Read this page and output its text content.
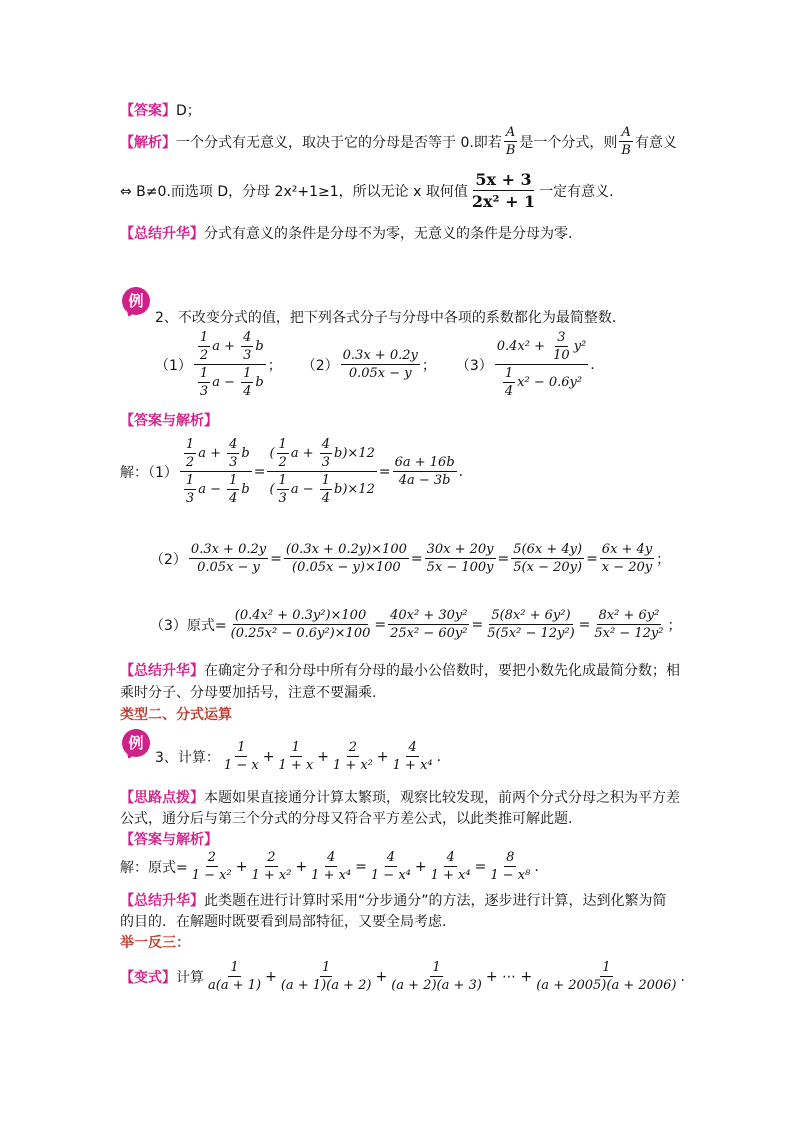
【答案】D；
【解析】 一个分式有无意义，取决于它的分母是否等于 0.即若 $\frac{A}{B}$ 是一个分式，则 $\frac{A}{B}$ 有意义
⇔ B≠0.而选项 D，分母 2x²+1≥1，所以无论 x 取何值 $\frac{5x + 3}{\text{2x² + 1}}$ 一定有意义.
【总结升华】分式有意义的条件是分母不为零，无意义的条件是分母为零.
例
2、不改变分式的值，把下列各式分子与分母中各项的系数都化为最简整数.
$(1) \frac{\frac{1}{2} a + \frac{4}{3} b}{\frac{1}{3} a - \frac{1}{4} b}$ ； $(2) \frac{0.3x + 0.2y}{0.05x - y}$ ； $(3) \frac{0.4x^2 + \frac{3}{10} y^2}{\frac{1}{4} x^2 - 0.6y^2}$ .
【答案与解析】
解：$(1) \frac{\frac{1}{2} a + \frac{4}{3} b}{\frac{1}{3} a - \frac{1}{4} b} = \frac{( \frac{1}{2} a + \frac{4}{3} b)\times 12}{( \frac{1}{3} a - \frac{1}{4} b)\times 12} = \frac{6a + 16b}{4a - 3b}$ .
$(2) \frac{0.3x + 0.2y}{0.05x - y} = \frac{(0.3x + 0.2y)\times 100}{(0.05x - y)\times 100} = \frac{30x + 20y}{5x - 100y} = \frac{5(6x + 4y)}{5(x - 20y)} = \frac{6x + 4y}{x - 20y}$ ；
（3）原式= $\frac{\text{(0.4x² + 0.3y²)×100}}{\text{(0.25x² − 0.6y²)×100}} = \frac{\text{40x² + 30y²}}{\text{25x² − 60y²}} = \frac{\text{5(8x² + 6y²)}}{\text{5(5x² − 12y²)}} = \frac{\text{8x² + 6y²}}{\text{5x² − 12y²}}$ ；
【总结升华】在确定分子和分母中所有分母的最小公倍数时，要把小数先化成最简分数；相
乘时分子、分母要加括号，注意不要漏乘.
类型二、分式运算
例
3、计算： $\frac{1}{1 - x} + \frac{1}{1 + x} + \frac{2}{\text{1 + x²}} + \frac{4}{\text{1 + x⁴}}$ .
【思路点拨】本题如果直接通分计算太繁琐，观察比较发现，前两个分式分母之积为平方差
公式，通分后与第三个分式的分母又符合平方差公式，以此类推可解此题.
【答案与解析】
解：原式= $\frac{2}{\text{1 − x²}} + \frac{2}{\text{1 + x²}} + \frac{4}{\text{1 + x⁴}} = \frac{4}{\text{1 − x⁴}} + \frac{4}{\text{1 + x⁴}} = \frac{8}{\text{1 − x⁸}}$ .
【总结升华】此类题在进行计算时采用“分步通分”的方法，逐步进行计算，达到化繁为简
的目的．在解题时既要看到局部特征，又要全局考虑.
举一反三：
【变式】 计算 $\frac{1}{a(a + 1)} + \frac{1}{(a + 1)(a + 2)} + \frac{1}{(a + 2)(a + 3)}$ + ⋯ + $\frac{1}{(a + 2005)(a + 2006)}$ .
